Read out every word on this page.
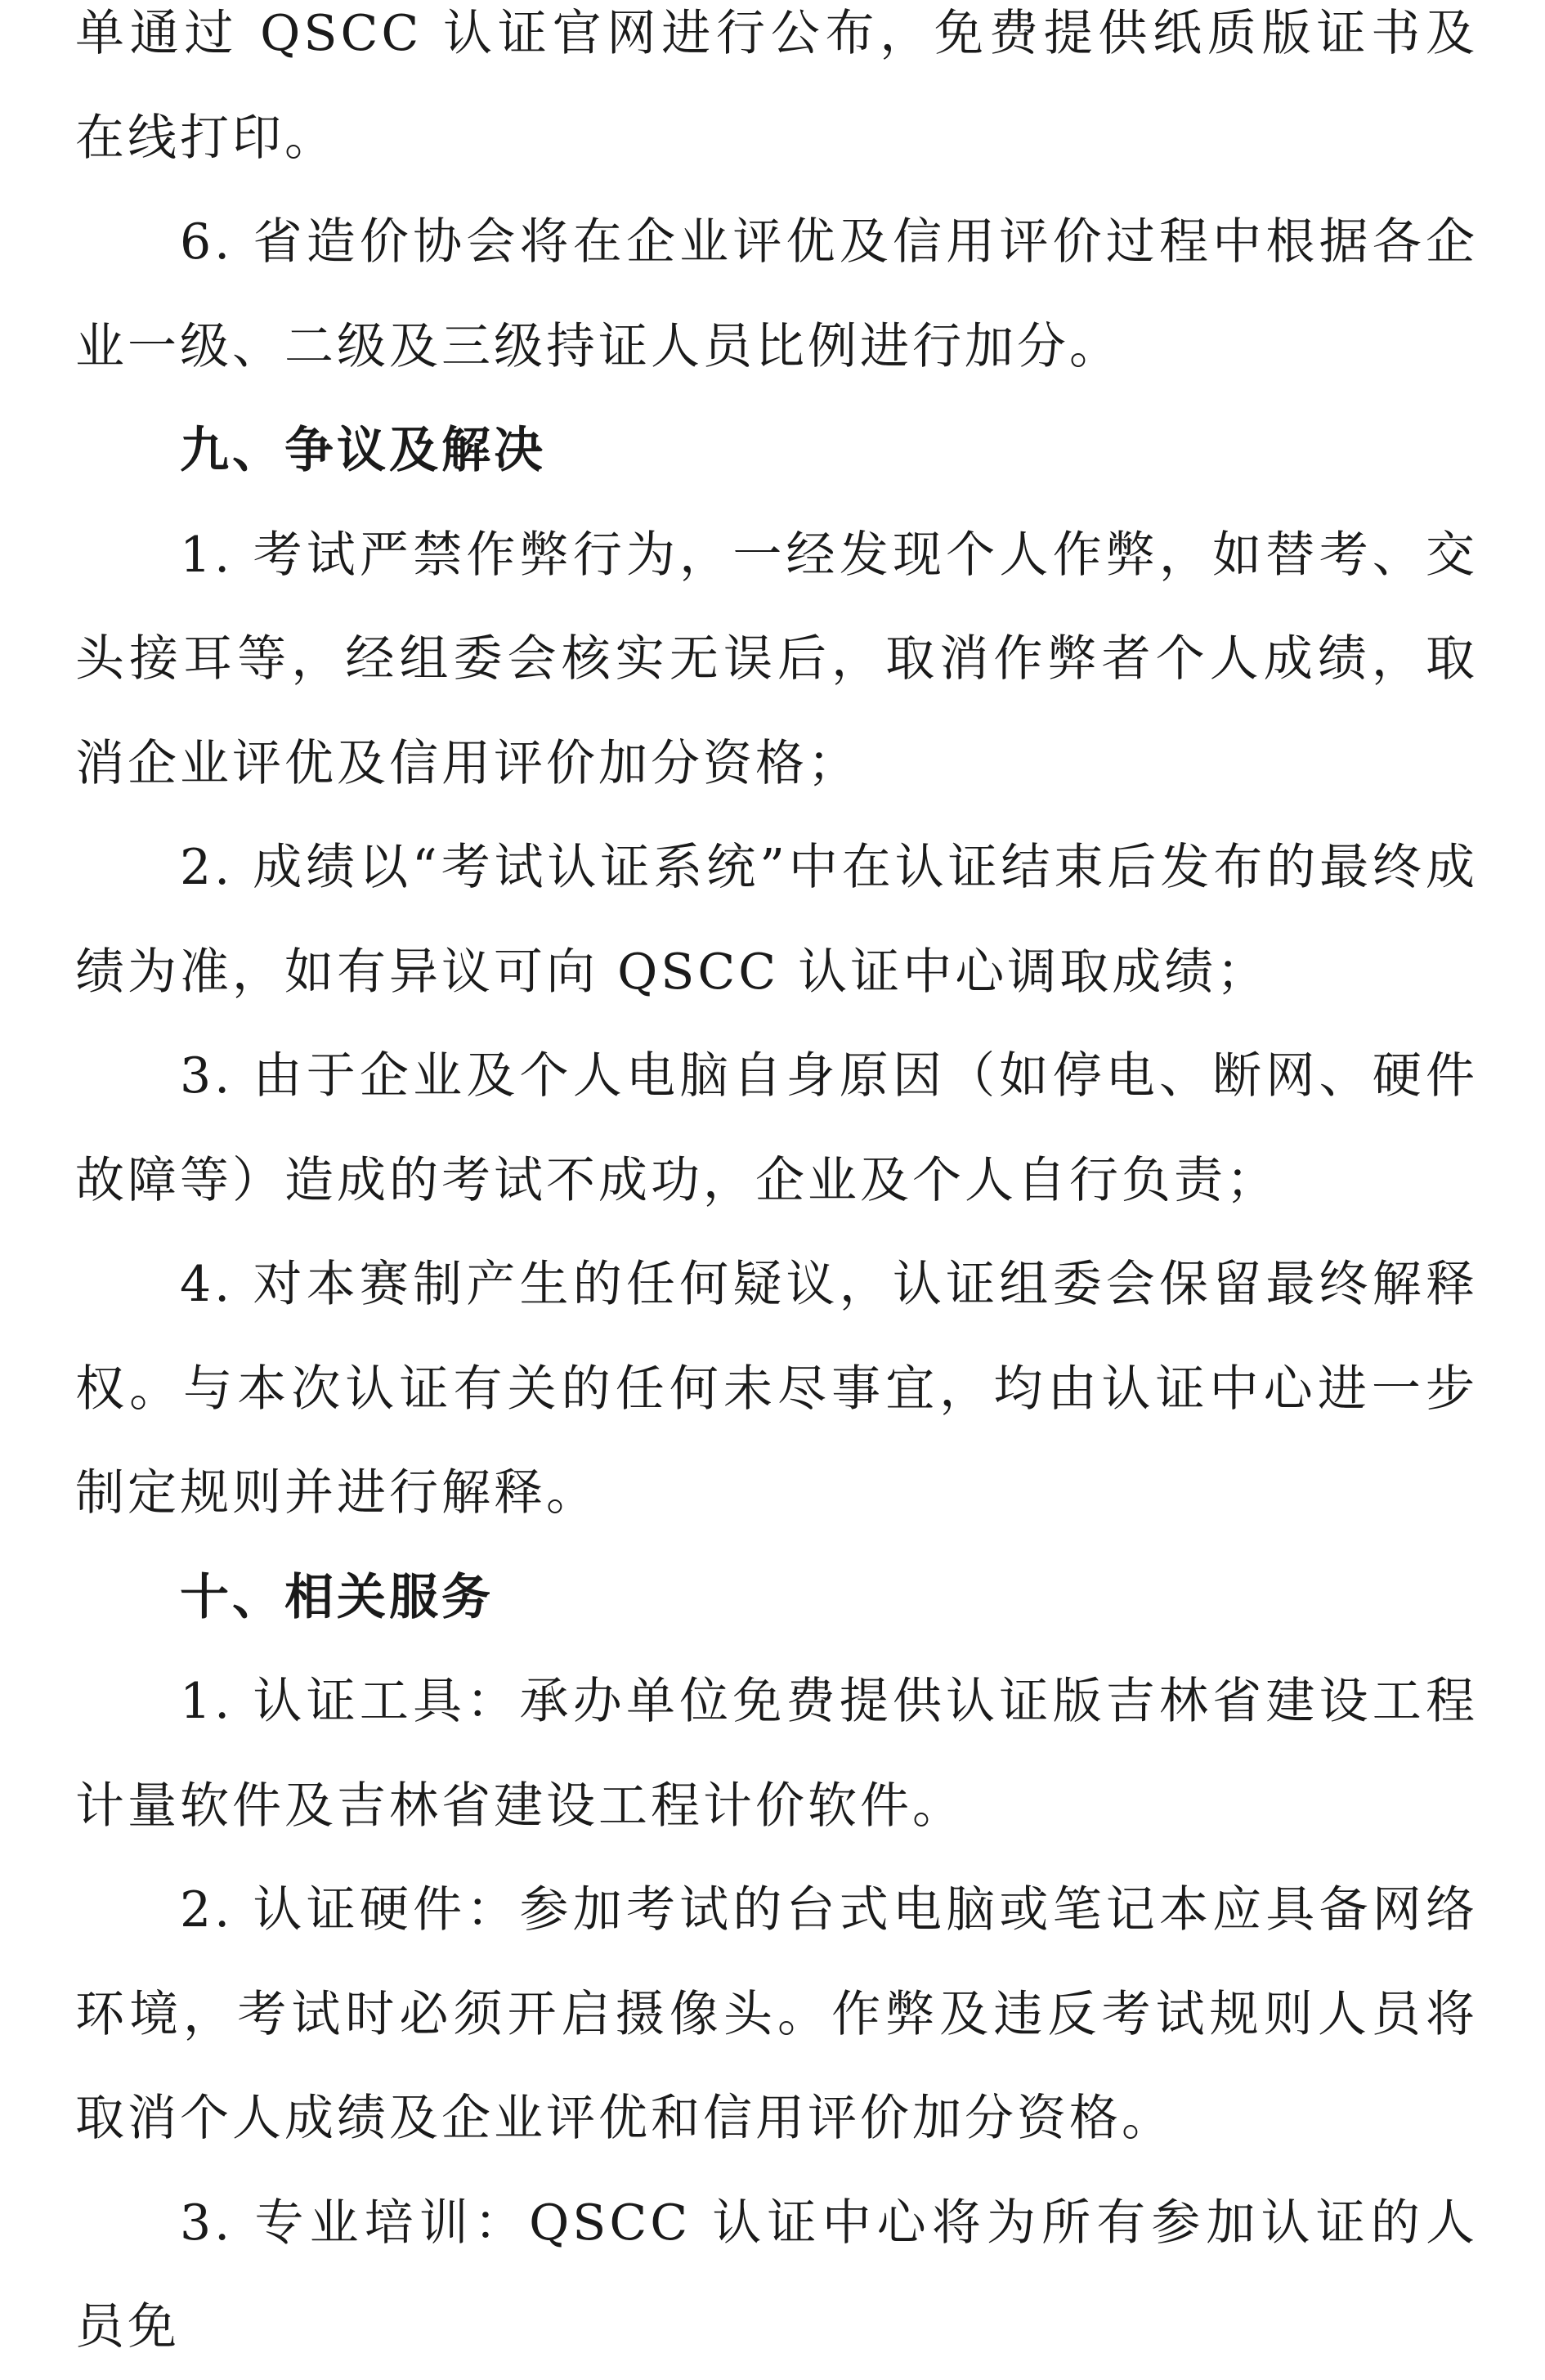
单通过 QSCC 认证官网进行公布，免费提供纸质版证书及在线打印。

6. 省造价协会将在企业评优及信用评价过程中根据各企业一级、二级及三级持证人员比例进行加分。

九、争议及解决

1. 考试严禁作弊行为，一经发现个人作弊，如替考、交头接耳等，经组委会核实无误后，取消作弊者个人成绩，取消企业评优及信用评价加分资格；

2. 成绩以“考试认证系统”中在认证结束后发布的最终成绩为准，如有异议可向 QSCC 认证中心调取成绩；

3. 由于企业及个人电脑自身原因（如停电、断网、硬件故障等）造成的考试不成功，企业及个人自行负责；

4. 对本赛制产生的任何疑议，认证组委会保留最终解释权。与本次认证有关的任何未尽事宜，均由认证中心进一步制定规则并进行解释。

十、相关服务

1. 认证工具：承办单位免费提供认证版吉林省建设工程计量软件及吉林省建设工程计价软件。

2. 认证硬件：参加考试的台式电脑或笔记本应具备网络环境，考试时必须开启摄像头。作弊及违反考试规则人员将取消个人成绩及企业评优和信用评价加分资格。

3. 专业培训：QSCC 认证中心将为所有参加认证的人员免
